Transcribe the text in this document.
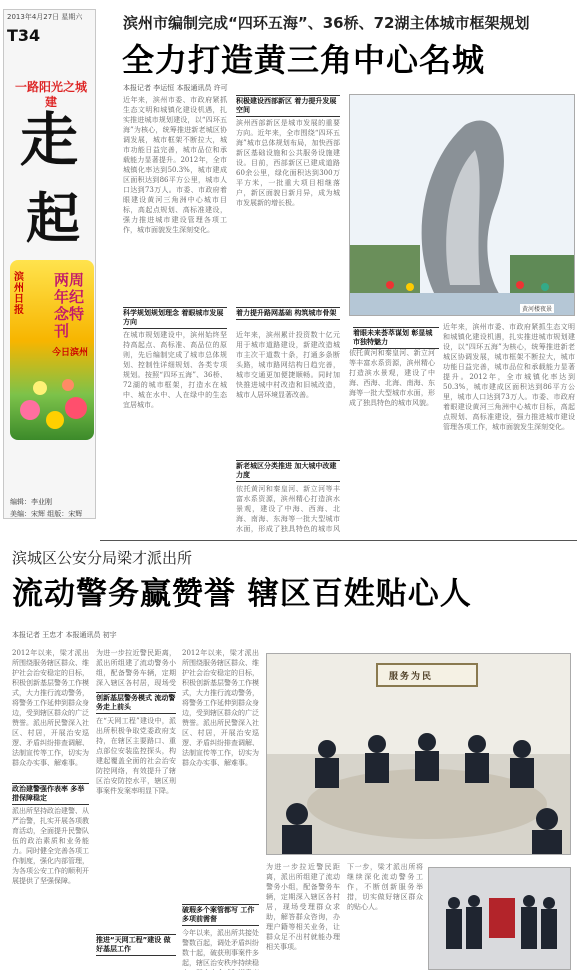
2013年4月27日 星期六
T34
一路阳光之城建
走
起
滨州日报
两周年纪念特刊
今日滨州
编辑：李业刚
美编：宋辉 组版：宋辉
滨州市编制完成“四环五海”、36桥、72湖主体城市框架规划
全力打造黄三角中心名城
本报记者 李运恒 本报通讯员 许可
近年来，滨州市委、市政府紧抓生态文明和城镇化建设机遇，扎实推进城市规划建设，以“四环五海”为核心，统筹推进新老城区协调发展，城市框架不断拉大，城市功能日益完善，城市品位和承载能力显著提升。2012年，全市城镇化率达到50.3%，城市建成区面积达到86平方公里，城市人口达到73万人。市委、市政府着眼建设黄河三角洲中心城市目标，高起点规划、高标准建设，强力推进城市建设管理各项工作，城市面貌发生深刻变化。
科学规划规划理念 着眼城市发展方向
在城市规划建设中，滨州始终坚持高起点、高标准、高品位的原则，先后编制完成了城市总体规划、控制性详细规划、各类专项规划。按照“四环五海”、36桥、72湖的城市框架，打造水在城中、城在水中、人在绿中的生态宜居城市。
积极建设西部新区 着力提升发展空间
滨州西部新区是城市发展的重要方向。近年来，全市围绕“四环五海”城市总体规划布局，加快西部新区基础设施和公共服务设施建设。目前，西部新区已建成道路60余公里，绿化面积达到300万平方米，一批重大项目相继落户，新区面貌日新月异，成为城市发展新的增长极。
着力提升路网基础 构筑城市骨架
近年来，滨州累计投资数十亿元用于城市道路建设，新建改造城市主次干道数十条，打通多条断头路，城市路网结构日趋完善，城市交通更加便捷顺畅。同时加快推进城中村改造和旧城改造，城市人居环境显著改善。
新老城区分类推进 加大城中改建力度
依托黄河和秦皇河、新立河等丰富水系资源，滨州精心打造滨水景观，建设了中海、西海、北海、南海、东海等一批大型城市水面，形成了独具特色的城市风
黄河楼夜景
着眼未来荟萃谋划 彰显城市独特魅力
依托黄河和秦皇河、新立河等丰富水系资源，滨州精心打造滨水景观，建设了中海、西海、北海、南海、东海等一批大型城市水面，形成了独具特色的城市风貌。
近年来，滨州市委、市政府紧抓生态文明和城镇化建设机遇，扎实推进城市规划建设，以“四环五海”为核心，统筹推进新老城区协调发展，城市框架不断拉大，城市功能日益完善，城市品位和承载能力显著提升。2012年，全市城镇化率达到50.3%，城市建成区面积达到86平方公里，城市人口达到73万人。市委、市政府着眼建设黄河三角洲中心城市目标，高起点规划、高标准建设，强力推进城市建设管理各项工作，城市面貌发生深刻变化。
滨城区公安分局梁才派出所
流动警务赢赞誉 辖区百姓贴心人
本报记者 王忠才 本报通讯员 初宇
2012年以来，梁才派出所围绕服务辖区群众、维护社会治安稳定的目标，积极创新基层警务工作模式，大力推行流动警务，将警务工作延伸到群众身边，受到辖区群众的广泛赞誉。派出所民警深入社区、村居，开展治安巡逻、矛盾纠纷排查调解、法制宣传等工作，切实为群众办实事、解难事。
政治建警强作表率 多举措保障稳定
派出所坚持政治建警、从严治警，扎实开展各项教育活动，全面提升民警队伍的政治素质和业务能力。同时健全完善各项工作制度，强化内部管理，为各项公安工作的顺利开展提供了坚强保障。
为进一步拉近警民距离，派出所组建了流动警务小组，配备警务车辆，定期深入辖区各村居，现场受
创新基层警务模式 流动警务走上前头
在“天网工程”建设中，派出所积极争取党委政府支持，在辖区主要路口、重点部位安装监控探头，构建起覆盖全面的社会治安防控网络，有效提升了辖区治安防控水平，辖区刑事案件发案率明显下降。
推进“天网工程”建设 做好基层工作
2012年以来，梁才派出所围绕服务辖区群众、维护社会治安稳定的目标，积极创新基层警务工作模式，大力推行流动警务，将警务工作延伸到群众身边，受到辖区群众的广泛赞誉。派出所民警深入社区、村居，开展治安巡逻、矛盾纠纷排查调解、法制宣传等工作，切实为群众办实事、解难事。
破瑕多个案管都写 工作多项前需督
今年以来，派出所共接处警数百起，调处矛盾纠纷数十起，破获刑事案件多起，辖区治安秩序持续稳
服务为民
为进一步拉近警民距离，派出所组建了流动警务小组，配备警务车辆，定期深入辖区各村居，现场受理群众求助，解答群众咨询，办理户籍等相关业务，让群众足不出村就能办理相关事项。
下一步，梁才派出所将继续深化流动警务工作，不断创新服务举措，切实做好辖区群众的贴心人。
